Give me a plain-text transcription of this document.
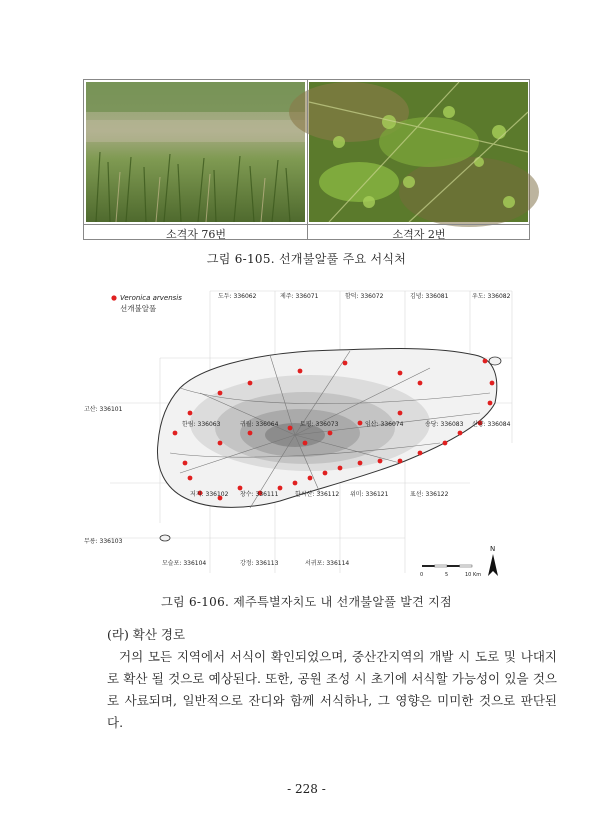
소격자 76번	소격자 2번
그림 6-105. 선개불알풀 주요 서식처
Veronica arvensis
선개불알풀
도두: 336062	제주: 336071	함덕: 336072	김녕: 336081	우도: 336082
고산: 336101
한림: 336063	귀월: 336064	토평: 336073	임산: 336074	송당: 336083 신양: 336084
저지: 336102 창수: 336111	한씨산: 336112 위미: 336121	표선: 336122
무릉: 336103
모슬포: 336104	강정: 336113	서귀포: 336114
0	5	10 Km
N
그림 6-106. 제주특별자치도 내 선개불알풀 발견 지점
(라) 확산 경로
거의 모든 지역에서 서식이 확인되었으며, 중산간지역의 개발 시 도로 및 나대지로 확산 될 것으로 예상된다. 또한, 공원 조성 시 초기에 서식할 가능성이 있을 것으로 사료되며, 일반적으로 잔디와 함께 서식하나, 그 영향은 미미한 것으로 판단된다.
- 228 -
